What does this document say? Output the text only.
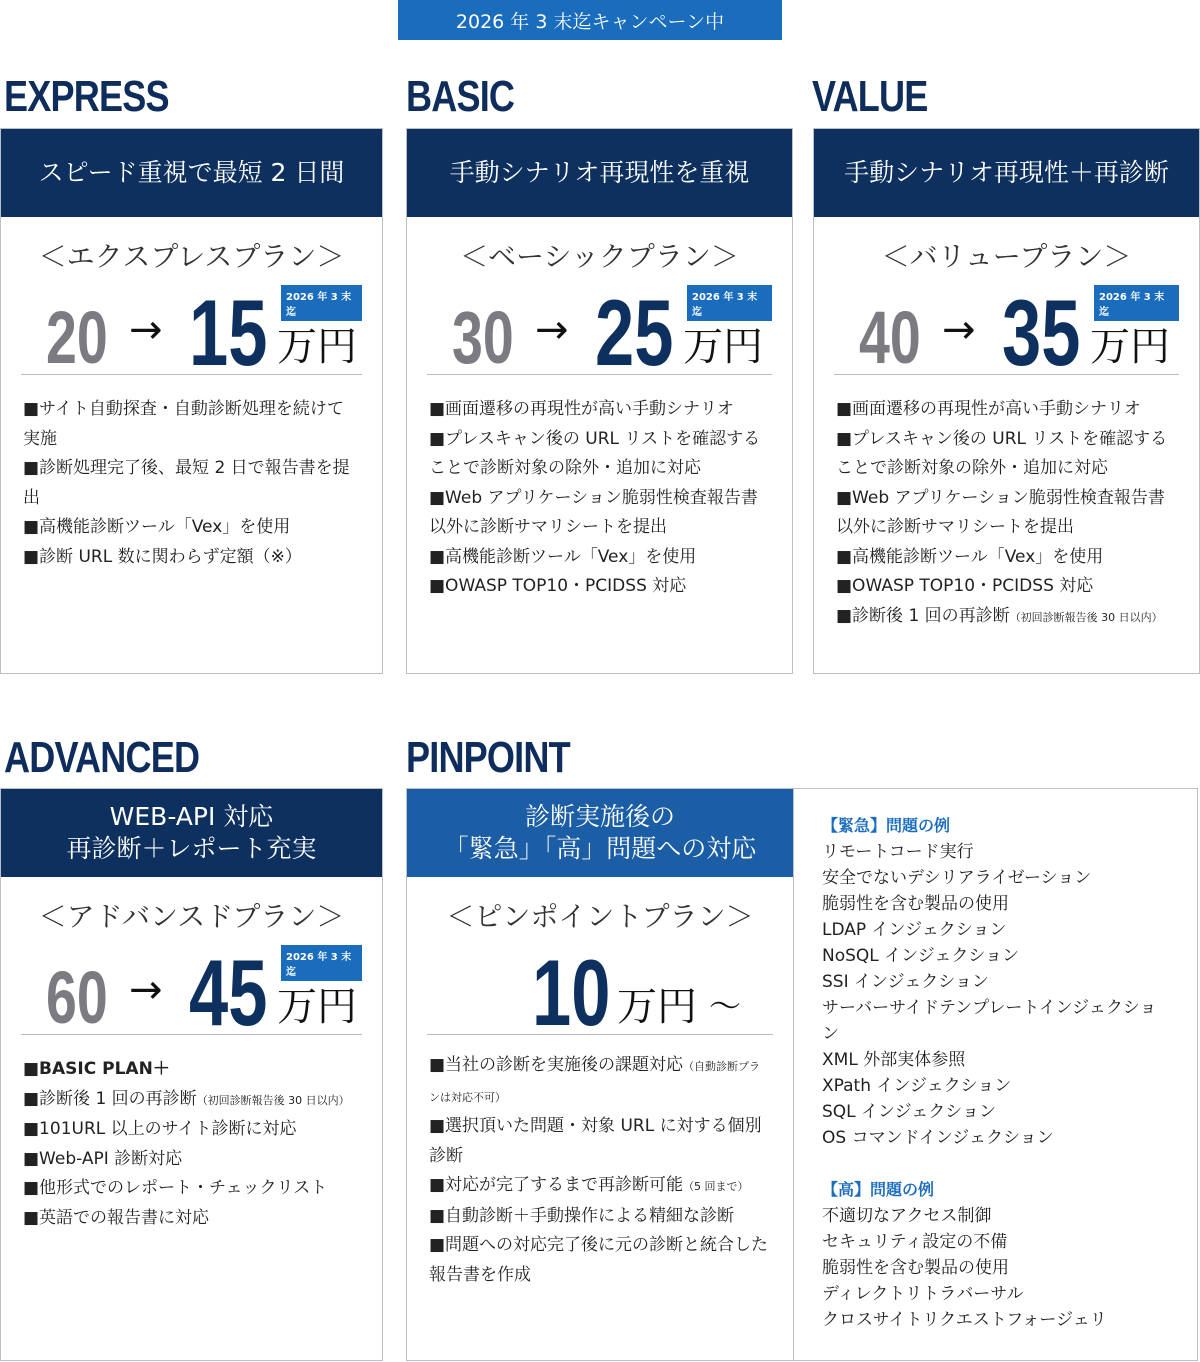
2026 年 3 末迄キャンペーン中
EXPRESS	BASIC	VALUE
ADVANCED	PINPOINT
スピード重視で最短 2 日間
＜エクスプレスプラン＞
20 → 15 万円
2026 年 3 末迄
■サイト自動探査・自動診断処理を続けて実施
■診断処理完了後、最短 2 日で報告書を提出
■高機能診断ツール「Vex」を使用
■診断 URL 数に関わらず定額（※）
手動シナリオ再現性を重視
＜ベーシックプラン＞
30 → 25 万円
2026 年 3 末迄
■画面遷移の再現性が高い手動シナリオ
■プレスキャン後の URL リストを確認することで診断対象の除外・追加に対応
■Web アプリケーション脆弱性検査報告書以外に診断サマリシートを提出
■高機能診断ツール「Vex」を使用
■OWASP TOP10・PCIDSS 対応
手動シナリオ再現性＋再診断
＜バリュープラン＞
40 → 35 万円
2026 年 3 末迄
■画面遷移の再現性が高い手動シナリオ
■プレスキャン後の URL リストを確認することで診断対象の除外・追加に対応
■Web アプリケーション脆弱性検査報告書以外に診断サマリシートを提出
■高機能診断ツール「Vex」を使用
■OWASP TOP10・PCIDSS 対応
■診断後 1 回の再診断（初回診断報告後 30 日以内）
WEB-API 対応
再診断＋レポート充実
＜アドバンスドプラン＞
60 → 45 万円
2026 年 3 末迄
■BASIC PLAN＋
■診断後 1 回の再診断（初回診断報告後 30 日以内）
■101URL 以上のサイト診断に対応
■Web-API 診断対応
■他形式でのレポート・チェックリスト
■英語での報告書に対応
診断実施後の
「緊急」「高」問題への対応
＜ピンポイントプラン＞
10 万円 ～
■当社の診断を実施後の課題対応（自動診断プランは対応不可）
■選択頂いた問題・対象 URL に対する個別診断
■対応が完了するまで再診断可能（5 回まで）
■自動診断＋手動操作による精細な診断
■問題への対応完了後に元の診断と統合した報告書を作成
【緊急】問題の例
リモートコード実行
安全でないデシリアライゼーション
脆弱性を含む製品の使用
LDAP インジェクション
NoSQL インジェクション
SSI インジェクション
サーバーサイドテンプレートインジェクション
XML 外部実体参照
XPath インジェクション
SQL インジェクション
OS コマンドインジェクション
【高】問題の例
不適切なアクセス制御
セキュリティ設定の不備
脆弱性を含む製品の使用
ディレクトリトラバーサル
クロスサイトリクエストフォージェリ
